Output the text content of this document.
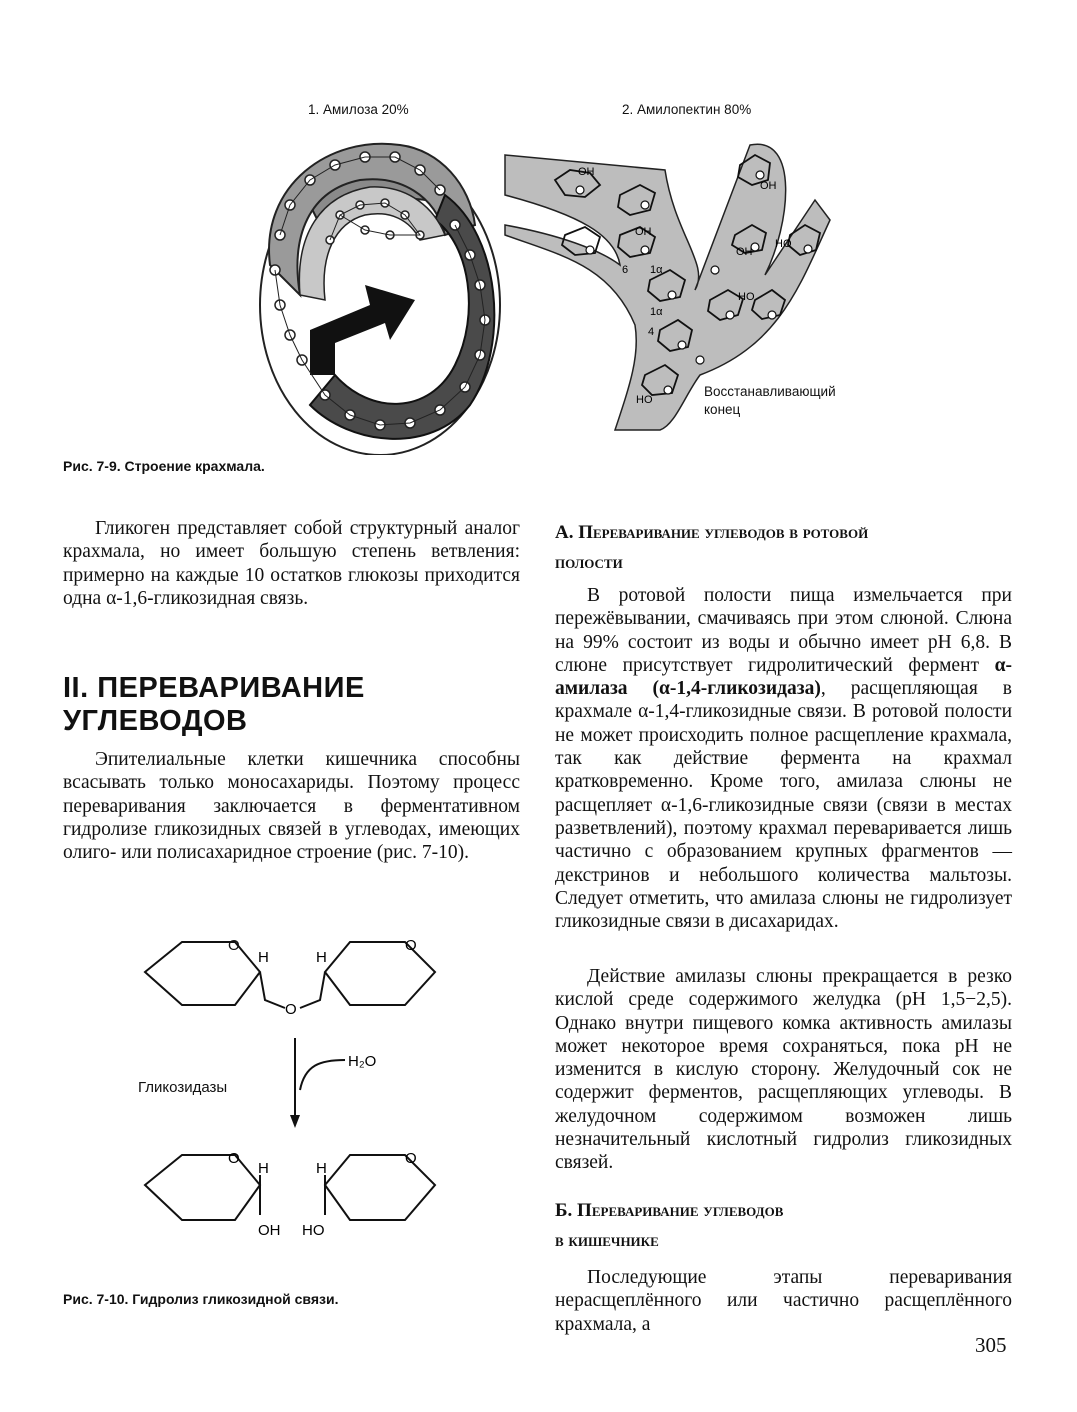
1. Амилоза 20%	2. Амилопектин 80%
OH
OH
OH
OH
HO
HO
HO
6 1α
1α
4
Восстанавливающий
конец
Рис. 7-9. Строение крахмала.

Гликоген представляет собой структурный аналог крахмала, но имеет большую степень ветвления: примерно на каждые 10 остатков глюкозы приходится одна α-1,6-гликозидная связь.

II. ПЕРЕВАРИВАНИЕ
УГЛЕВОДОВ

Эпителиальные клетки кишечника способны всасывать только моносахариды. Поэтому процесс переваривания заключается в ферментативном гидролизе гликозидных связей в углеводах, имеющих олиго- или полисахаридное строение (рис. 7-10).

O	O
H	H
O
H₂O
O	O
H	H
OH HO
Гликозидазы
Рис. 7-10. Гидролиз гликозидной связи.
А. Переваривание углеводов в ротовой
полости

В ротовой полости пища измельчается при пережёвывании, смачиваясь при этом слюной. Слюна на 99% состоит из воды и обычно имеет рН 6,8. В слюне присутствует гидролитический фермент α-амилаза (α-1,4-гликозидаза), расщепляющая в крахмале α-1,4-гликозидные связи. В ротовой полости не может происходить полное расщепление крахмала, так как действие фермента на крахмал кратковременно. Кроме того, амилаза слюны не расщепляет α-1,6-гликозидные связи (связи в местах разветвлений), поэтому крахмал переваривается лишь частично с образованием крупных фрагментов — декстринов и небольшого количества мальтозы. Следует отметить, что амилаза слюны не гидролизует гликозидные связи в дисахаридах.

Действие амилазы слюны прекращается в резко кислой среде содержимого желудка (рН 1,5−2,5). Однако внутри пищевого комка активность амилазы может некоторое время сохраняться, пока рН не изменится в кислую сторону. Желудочный сок не содержит ферментов, расщепляющих углеводы. В желудочном содержимом возможен лишь незначительный кислотный гидролиз гликозидных связей.

Б. Переваривание углеводов
в кишечнике

Последующие этапы переваривания нерасщеплённого или частично расщеплённого крахмала, а

305
